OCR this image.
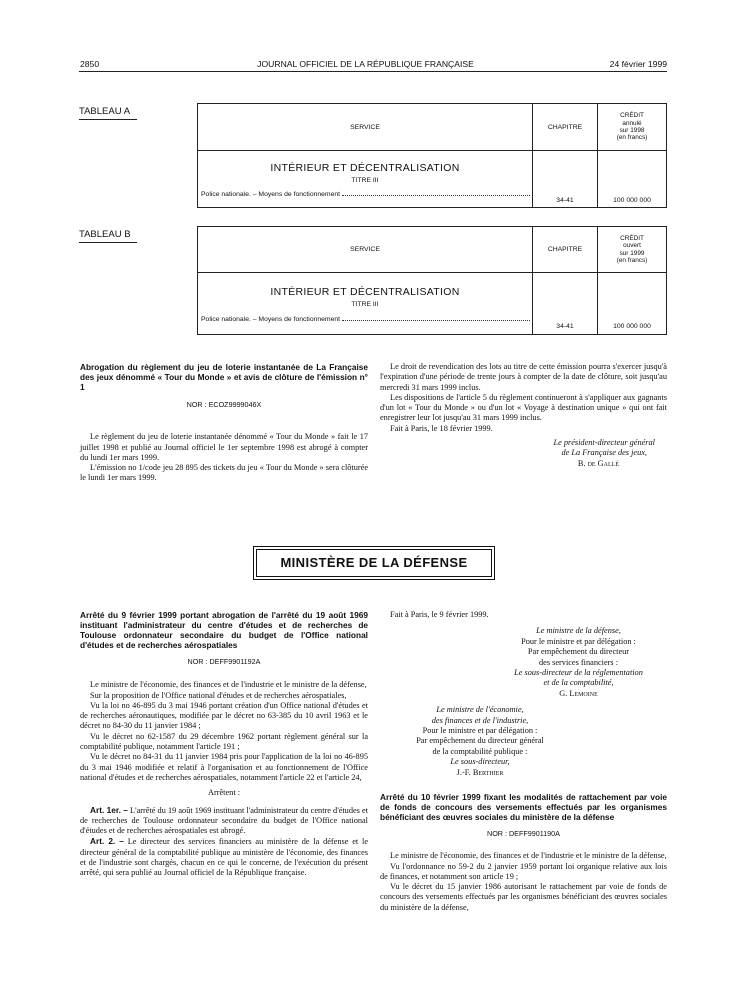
2850	JOURNAL OFFICIEL DE LA RÉPUBLIQUE FRANÇAISE	24 février 1999
TABLEAU A
SERVICE	CHAPITRE	CRÉDIT
annulé
sur 1998
(en francs)

INTÉRIEUR ET DÉCENTRALISATION
TITRE III
Police nationale. – Moyens de fonctionnement	34-41	100 000 000
TABLEAU B
SERVICE	CHAPITRE	CRÉDIT
ouvert
sur 1999
(en francs)

INTÉRIEUR ET DÉCENTRALISATION
TITRE III
Police nationale. – Moyens de fonctionnement	34-41	100 000 000
Abrogation du règlement du jeu de loterie instantanée de La Française des jeux dénommé « Tour du Monde » et avis de clôture de l'émission n° 1
NOR : ECOZ9999046X

Le règlement du jeu de loterie instantanée dénommé « Tour du Monde » fait le 17 juillet 1998 et publié au Journal officiel le 1er septembre 1998 est abrogé à compter du lundi 1er mars 1999.

L'émission no 1/code jeu 28 895 des tickets du jeu « Tour du Monde » sera clôturée le lundi 1er mars 1999.

Le droit de revendication des lots au titre de cette émission pourra s'exercer jusqu'à l'expiration d'une période de trente jours à compter de la date de clôture, soit jusqu'au mercredi 31 mars 1999 inclus.

Les dispositions de l'article 5 du règlement continueront à s'appliquer aux gagnants d'un lot « Tour du Monde » ou d'un lot « Voyage à destination unique » qui ont fait enregistrer leur lot jusqu'au 31 mars 1999 inclus.

Fait à Paris, le 18 février 1999.

Le président-directeur général
de La Française des jeux,
B. de Gallé
MINISTÈRE DE LA DÉFENSE
Arrêté du 9 février 1999 portant abrogation de l'arrêté du 19 août 1969 instituant l'administrateur du centre d'études et de recherches de Toulouse ordonnateur secondaire du budget de l'Office national d'études et de recherches aérospatiales
NOR : DEFF9901192A

Le ministre de l'économie, des finances et de l'industrie et le ministre de la défense,

Sur la proposition de l'Office national d'études et de recherches aérospatiales,

Vu la loi no 46-895 du 3 mai 1946 portant création d'un Office national d'études et de recherches aéronautiques, modifiée par le décret no 63-385 du 10 avril 1963 et le décret no 84-30 du 11 janvier 1984 ;

Vu le décret no 62-1587 du 29 décembre 1962 portant règlement général sur la comptabilité publique, notamment l'article 191 ;

Vu le décret no 84-31 du 11 janvier 1984 pris pour l'application de la loi no 46-895 du 3 mai 1946 modifiée et relatif à l'organisation et au fonctionnement de l'Office national d'études et de recherches aérospatiales, notamment l'article 22 et l'article 24,

Arrêtent :

Art. 1er. – L'arrêté du 19 août 1969 instituant l'administrateur du centre d'études et de recherches de Toulouse ordonnateur secondaire du budget de l'Office national d'études et de recherches aérospatiales est abrogé.

Art. 2. – Le directeur des services financiers au ministère de la défense et le directeur général de la comptabilité publique au ministère de l'économie, des finances et de l'industrie sont chargés, chacun en ce qui le concerne, de l'exécution du présent arrêté, qui sera publié au Journal officiel de la République française.

Fait à Paris, le 9 février 1999.

Le ministre de la défense,
Pour le ministre et par délégation :
Par empêchement du directeur
des services financiers :
Le sous-directeur de la réglementation
et de la comptabilité,
G. Lemoine
Le ministre de l'économie,
des finances et de l'industrie,
Pour le ministre et par délégation :
Par empêchement du directeur général
de la comptabilité publique :
Le sous-directeur,
J.-F. Berthier
Arrêté du 10 février 1999 fixant les modalités de rattachement par voie de fonds de concours des versements effectués par les organismes bénéficiant des œuvres sociales du ministère de la défense
NOR : DEFF9901190A

Le ministre de l'économie, des finances et de l'industrie et le ministre de la défense,

Vu l'ordonnance no 59-2 du 2 janvier 1959 portant loi organique relative aux lois de finances, et notamment son article 19 ;

Vu le décret du 15 janvier 1986 autorisant le rattachement par voie de fonds de concours des versements effectués par les organismes bénéficiant des œuvres sociales du ministère de la défense,
